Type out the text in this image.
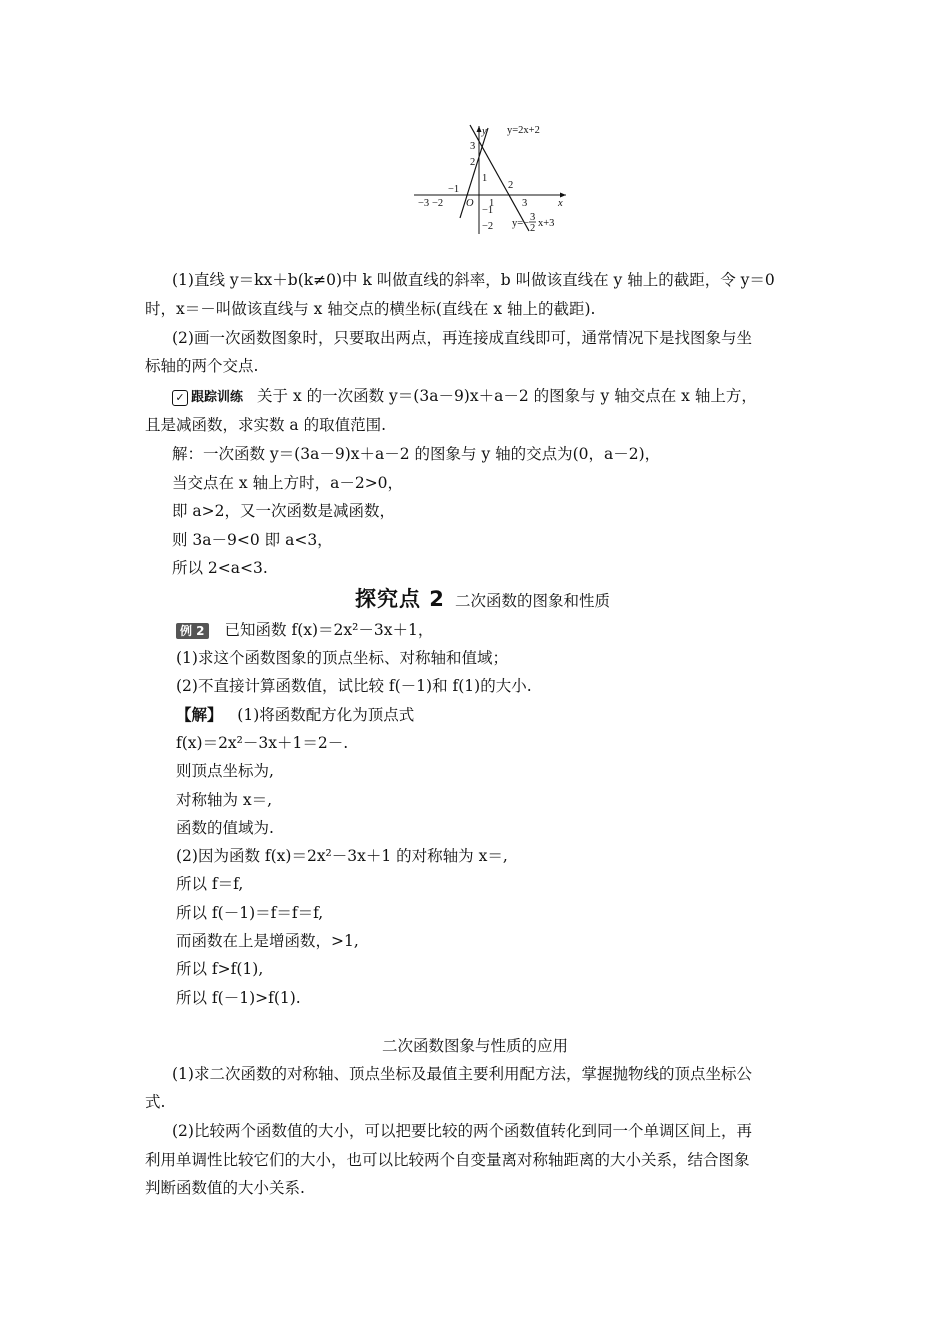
y=2x+2
y=−
3
2 x+3
x
y
O
−3 −2
−1
1
2
3
3
2
1
−1
−2
(1)直线 y＝kx＋b(k≠0)中 k 叫做直线的斜率，b 叫做该直线在 y 轴上的截距，令 y＝0
时，x＝－叫做该直线与 x 轴交点的横坐标(直线在 x 轴上的截距).
(2)画一次函数图象时，只要取出两点，再连接成直线即可，通常情况下是找图象与坐
标轴的两个交点.
✓ 跟踪训练 关于 x 的一次函数 y＝(3a－9)x＋a－2 的图象与 y 轴交点在 x 轴上方，
且是减函数，求实数 a 的取值范围.
解：一次函数 y＝(3a－9)x＋a－2 的图象与 y 轴的交点为(0，a－2)，
当交点在 x 轴上方时，a－2>0，
即 a>2，又一次函数是减函数，
则 3a－9<0 即 a<3，
所以 2<a<3.
探究点 2 二次函数的图象和性质
例 2 已知函数 f(x)＝2x²－3x＋1，
(1)求这个函数图象的顶点坐标、对称轴和值域；
(2)不直接计算函数值，试比较 f(－1)和 f(1)的大小.
【解】 (1)将函数配方化为顶点式
f(x)＝2x²－3x＋1＝2－.
则顶点坐标为,
对称轴为 x＝,
函数的值域为.
(2)因为函数 f(x)＝2x²－3x＋1 的对称轴为 x＝,
所以 f＝f,
所以 f(－1)＝f＝f＝f,
而函数在上是增函数，>1,
所以 f>f(1),
所以 f(－1)>f(1).
二次函数图象与性质的应用
(1)求二次函数的对称轴、顶点坐标及最值主要利用配方法，掌握抛物线的顶点坐标公
式.
(2)比较两个函数值的大小，可以把要比较的两个函数值转化到同一个单调区间上，再
利用单调性比较它们的大小，也可以比较两个自变量离对称轴距离的大小关系，结合图象
判断函数值的大小关系.
